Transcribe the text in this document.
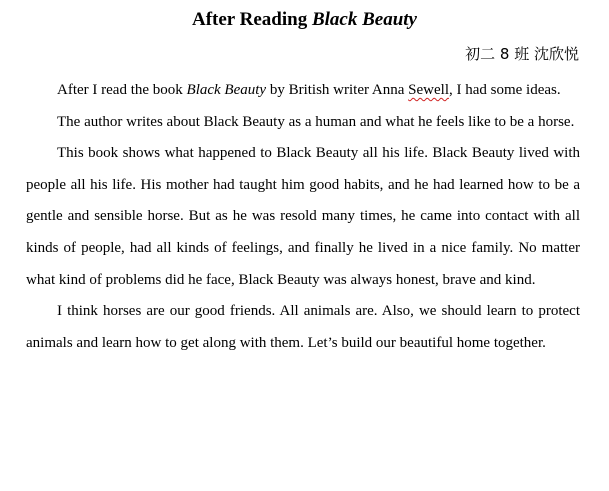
After Reading Black Beauty
初二 8 班 沈欣悦

After I read the book Black Beauty by British writer Anna Sewell, I had some ideas.

The author writes about Black Beauty as a human and what he feels like to be a horse.

This book shows what happened to Black Beauty all his life. Black Beauty lived with people all his life. His mother had taught him good habits, and he had learned how to be a gentle and sensible horse. But as he was resold many times, he came into contact with all kinds of people, had all kinds of feelings, and finally he lived in a nice family. No matter what kind of problems did he face, Black Beauty was always honest, brave and kind.

I think horses are our good friends. All animals are. Also, we should learn to protect animals and learn how to get along with them. Let’s build our beautiful home together.
